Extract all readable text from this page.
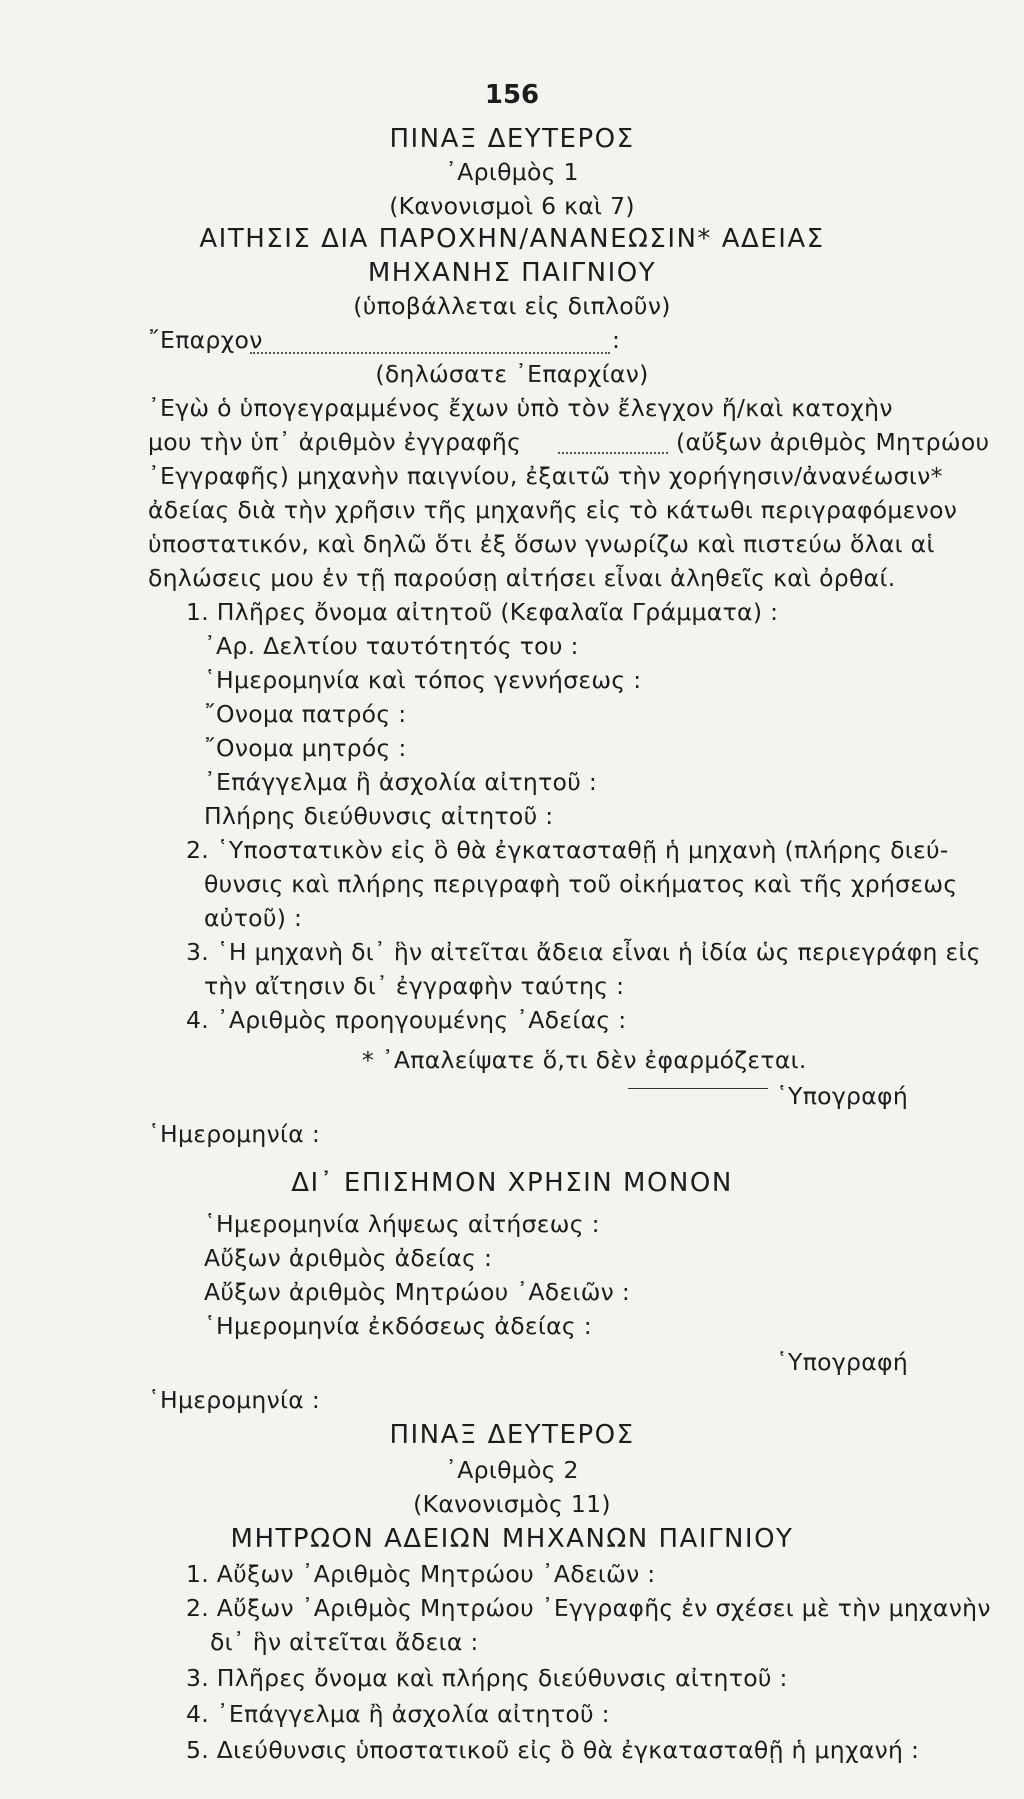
156
ΠΙΝΑΞ ΔΕΥΤΕΡΟΣ
᾿Αριθμὸς 1
(Κανονισμοὶ 6 καὶ 7)
ΑΙΤΗΣΙΣ ΔΙΑ ΠΑΡΟΧΗΝ/ΑΝΑΝΕΩΣΙΝ* ΑΔΕΙΑΣ
ΜΗΧΑΝΗΣ ΠΑΙΓΝΙΟΥ
(ὑποβάλλεται εἰς διπλοῦν)
῎Επαρχον	:
(δηλώσατε ᾿Επαρχίαν)
᾿Εγὼ ὁ ὑπογεγραμμένος ἔχων ὑπὸ τὸν ἔλεγχον ἤ/καὶ κατοχὴν
μου τὴν ὑπ᾿ ἀριθμὸν ἐγγραφῆς	(αὔξων ἀριθμὸς Μητρώου
᾿Εγγραφῆς) μηχανὴν παιγνίου, ἐξαιτῶ τὴν χορήγησιν/ἀνανέωσιν*
ἀδείας διὰ τὴν χρῆσιν τῆς μηχανῆς εἰς τὸ κάτωθι περιγραφόμενον
ὑποστατικόν, καὶ δηλῶ ὅτι ἐξ ὅσων γνωρίζω καὶ πιστεύω ὅλαι αἱ
δηλώσεις μου ἐν τῇ παρούσῃ αἰτήσει εἶναι ἀληθεῖς καὶ ὀρθαί.
1. Πλῆρες ὄνομα αἰτητοῦ (Κεφαλαῖα Γράμματα) :
᾿Αρ. Δελτίου ταυτότητός του :
῾Ημερομηνία καὶ τόπος γεννήσεως :
῎Ονομα πατρός :
῎Ονομα μητρός :
᾿Επάγγελμα ἢ ἀσχολία αἰτητοῦ :
Πλήρης διεύθυνσις αἰτητοῦ :
2. ῾Υποστατικὸν εἰς ὃ θὰ ἐγκατασταθῇ ἡ μηχανὴ (πλήρης διεύ-
θυνσις καὶ πλήρης περιγραφὴ τοῦ οἰκήματος καὶ τῆς χρήσεως
αὐτοῦ) :
3. ῾Η μηχανὴ δι᾿ ἣν αἰτεῖται ἄδεια εἶναι ἡ ἰδία ὡς περιεγράφη εἰς
τὴν αἴτησιν δι᾿ ἐγγραφὴν ταύτης :
4. ᾿Αριθμὸς προηγουμένης ᾿Αδείας :
* ᾿Απαλείψατε ὅ,τι δὲν ἐφαρμόζεται.
῾Υπογραφή
῾Ημερομηνία :
ΔΙ᾿ ΕΠΙΣΗΜΟΝ ΧΡΗΣΙΝ ΜΟΝΟΝ
῾Ημερομηνία λήψεως αἰτήσεως :
Αὔξων ἀριθμὸς ἀδείας :
Αὔξων ἀριθμὸς Μητρώου ᾿Αδειῶν :
῾Ημερομηνία ἐκδόσεως ἀδείας :
῾Υπογραφή
῾Ημερομηνία :
ΠΙΝΑΞ ΔΕΥΤΕΡΟΣ
᾿Αριθμὸς 2
(Κανονισμὸς 11)
ΜΗΤΡΩΟΝ ΑΔΕΙΩΝ ΜΗΧΑΝΩΝ ΠΑΙΓΝΙΟΥ
1. Αὔξων ᾿Αριθμὸς Μητρώου ᾿Αδειῶν :
2. Αὔξων ᾿Αριθμὸς Μητρώου ᾿Εγγραφῆς ἐν σχέσει μὲ τὴν μηχανὴν
δι᾿ ἣν αἰτεῖται ἄδεια :
3. Πλῆρες ὄνομα καὶ πλήρης διεύθυνσις αἰτητοῦ :
4. ᾿Επάγγελμα ἢ ἀσχολία αἰτητοῦ :
5. Διεύθυνσις ὑποστατικοῦ εἰς ὃ θὰ ἐγκατασταθῇ ἡ μηχανή :
